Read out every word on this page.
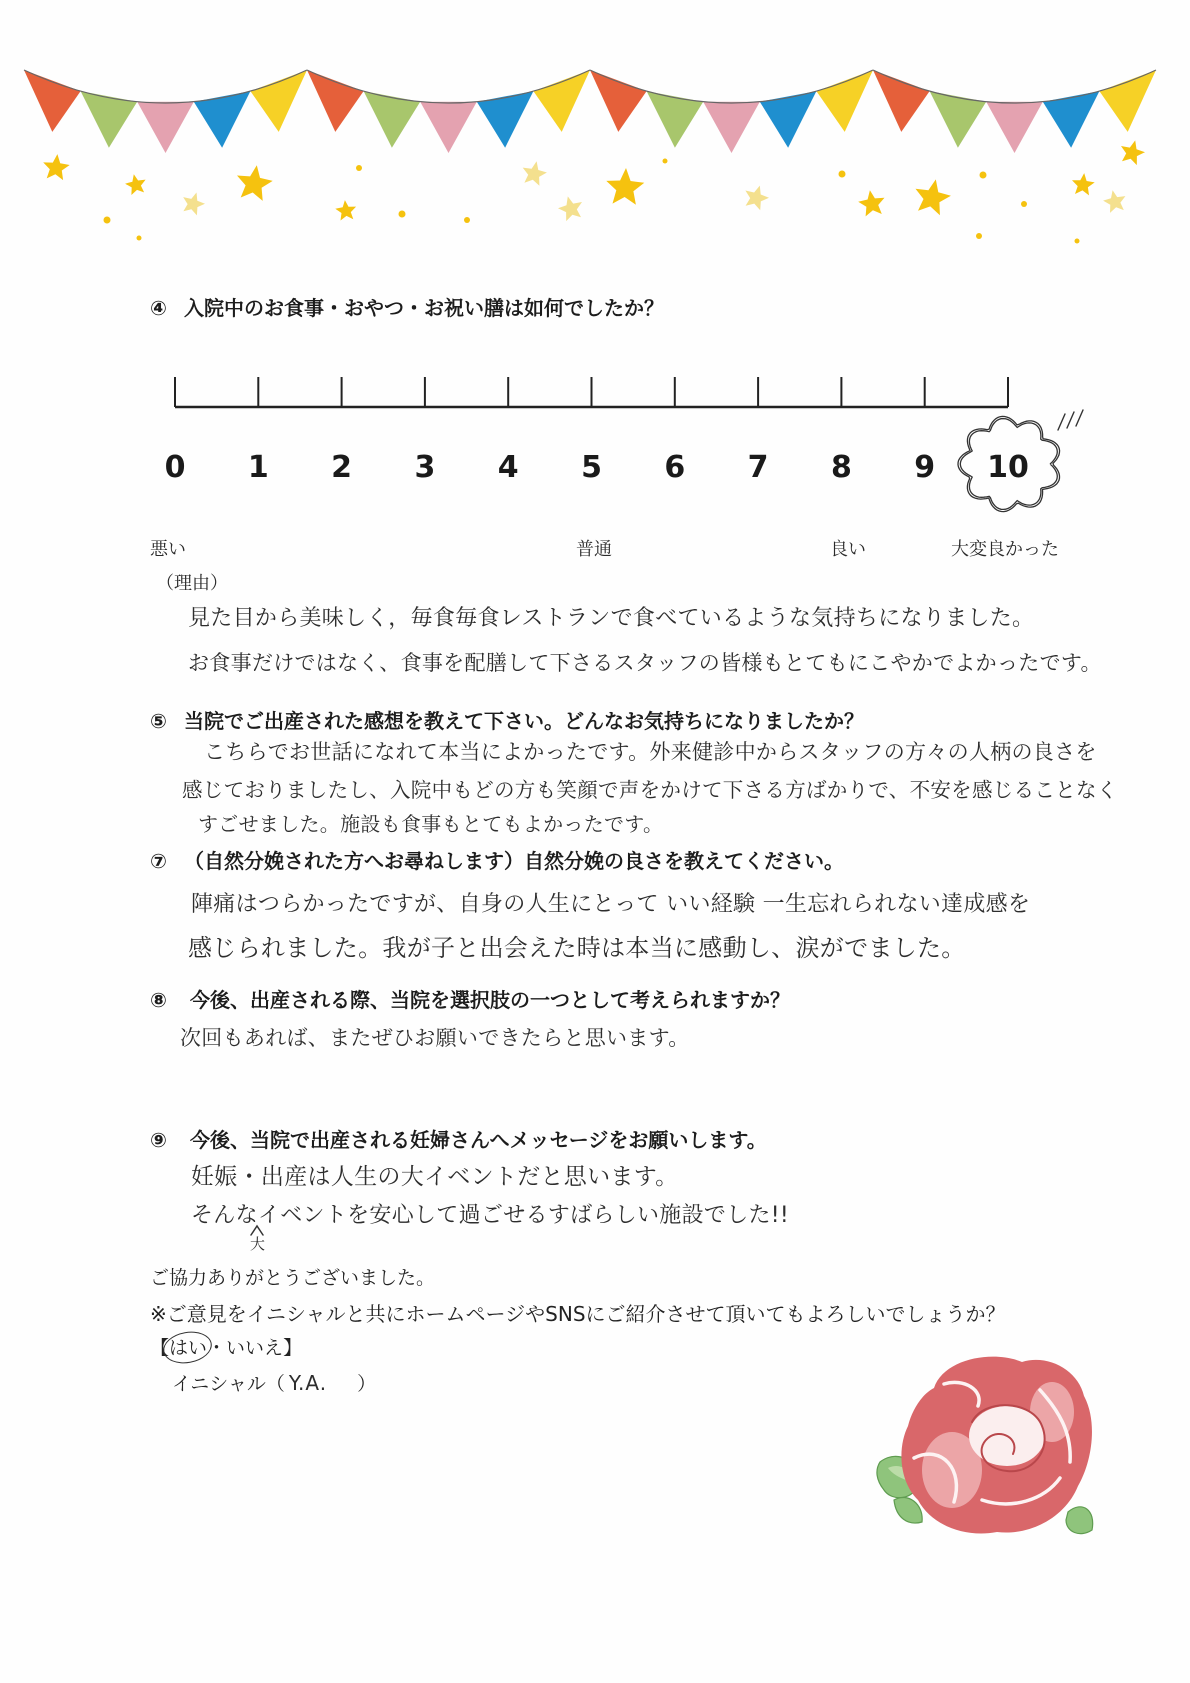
0 1 2 3 4 5 6 7 8 9 10
④ 入院中のお食事・おやつ・お祝い膳は如何でしたか？
悪い	普通	良い	大変良かった
（理由）
見た目から美味しく，毎食毎食レストランで食べているような気持ちになりました。
お食事だけではなく、食事を配膳して下さるスタッフの皆様もとてもにこやかでよかったです。
⑤ 当院でご出産された感想を教えて下さい。どんなお気持ちになりましたか？
こちらでお世話になれて本当によかったです。外来健診中からスタッフの方々の人柄の良さを
感じておりましたし、入院中もどの方も笑顔で声をかけて下さる方ばかりで、不安を感じることなく
すごせました。施設も食事もとてもよかったです。
⑦ （自然分娩された方へお尋ねします）自然分娩の良さを教えてください。
陣痛はつらかったですが、自身の人生にとって いい経験 一生忘れられない達成感を
感じられました。我が子と出会えた時は本当に感動し、涙がでました。
⑧ 今後、出産される際、当院を選択肢の一つとして考えられますか？
次回もあれば、またぜひお願いできたらと思います。
⑨ 今後、当院で出産される妊婦さんへメッセージをお願いします。
妊娠・出産は人生の大イベントだと思います。
そんなイベントを安心して過ごせるすばらしい施設でした!!
大
ご協力ありがとうございました。
※ご意見をイニシャルと共にホームページやSNSにご紹介させて頂いてもよろしいでしょうか？
【はい・いいえ】
イニシャル（ Y.A. ）
